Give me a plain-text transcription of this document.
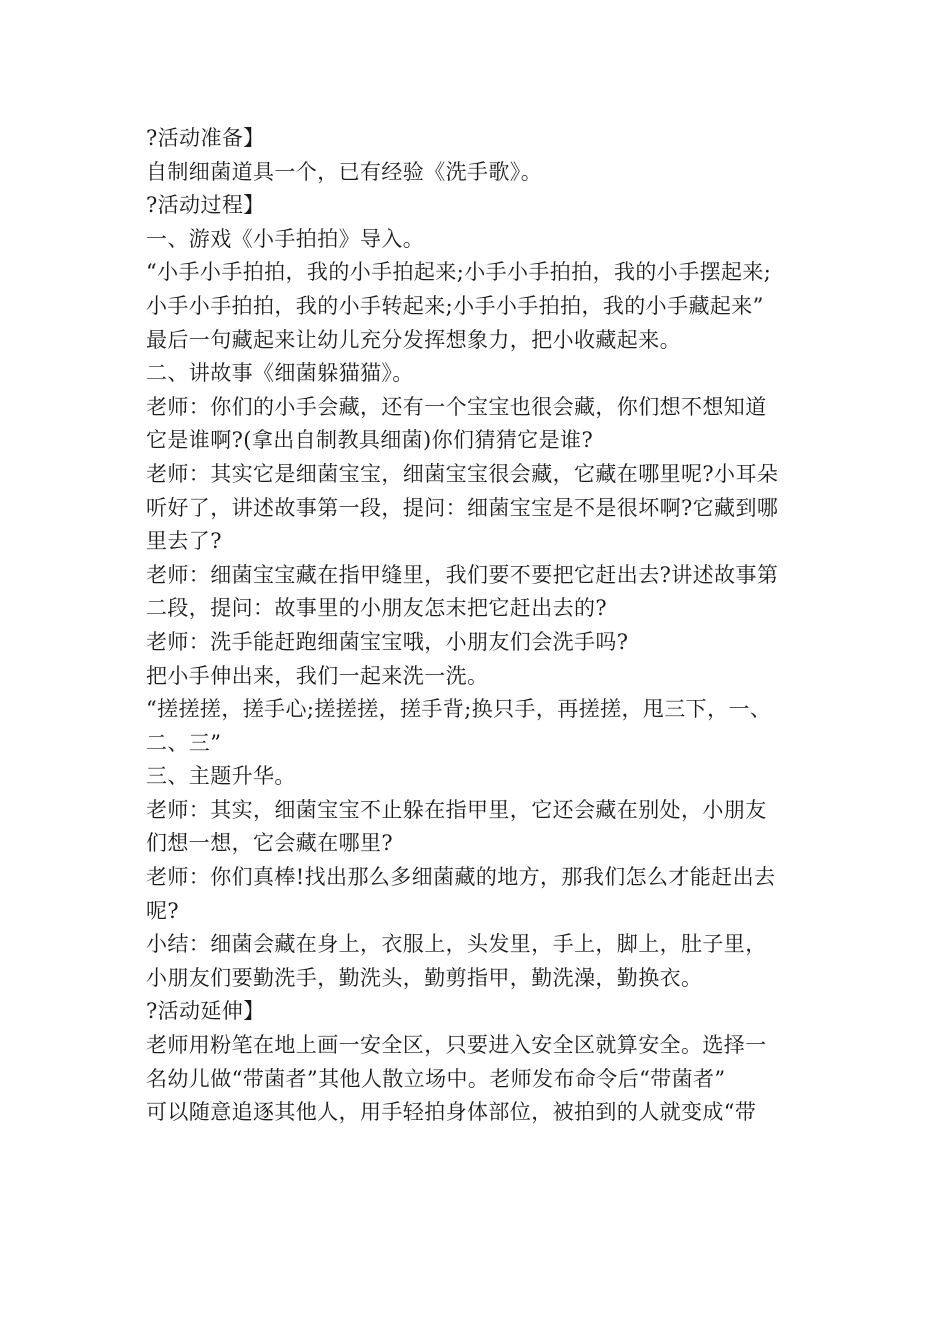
?活动准备】
自制细菌道具一个，已有经验《洗手歌》。
?活动过程】
一、游戏《小手拍拍》导入。
“小手小手拍拍，我的小手拍起来;小手小手拍拍，我的小手摆起来;
小手小手拍拍，我的小手转起来;小手小手拍拍，我的小手藏起来”
最后一句藏起来让幼儿充分发挥想象力，把小收藏起来。
二、讲故事《细菌躲猫猫》。
老师：你们的小手会藏，还有一个宝宝也很会藏，你们想不想知道
它是谁啊?(拿出自制教具细菌)你们猜猜它是谁?
老师：其实它是细菌宝宝，细菌宝宝很会藏，它藏在哪里呢?小耳朵
听好了，讲述故事第一段，提问：细菌宝宝是不是很坏啊?它藏到哪
里去了?
老师：细菌宝宝藏在指甲缝里，我们要不要把它赶出去?讲述故事第
二段，提问：故事里的小朋友怎末把它赶出去的?
老师：洗手能赶跑细菌宝宝哦，小朋友们会洗手吗?
把小手伸出来，我们一起来洗一洗。
“搓搓搓，搓手心;搓搓搓，搓手背;换只手，再搓搓，甩三下，一、
二、三”
三、主题升华。
老师：其实，细菌宝宝不止躲在指甲里，它还会藏在别处，小朋友
们想一想，它会藏在哪里?
老师：你们真棒!找出那么多细菌藏的地方，那我们怎么才能赶出去
呢?
小结：细菌会藏在身上，衣服上，头发里，手上，脚上，肚子里，
小朋友们要勤洗手，勤洗头，勤剪指甲，勤洗澡，勤换衣。
?活动延伸】
老师用粉笔在地上画一安全区，只要进入安全区就算安全。选择一
名幼儿做“带菌者”其他人散立场中。老师发布命令后“带菌者”
可以随意追逐其他人，用手轻拍身体部位，被拍到的人就变成“带
